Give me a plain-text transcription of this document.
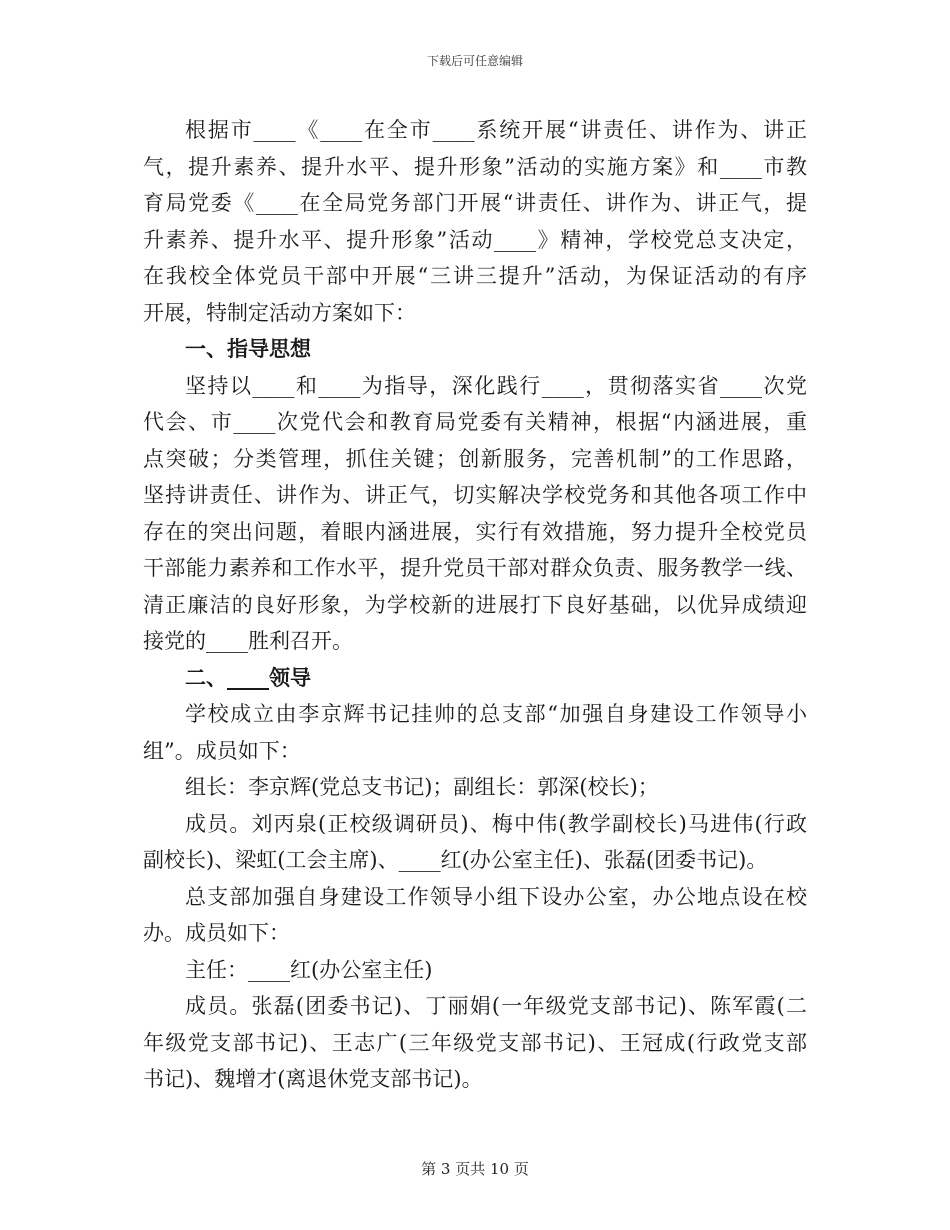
下载后可任意编辑
根据市____《____在全市____系统开展“讲责任、讲作为、讲正
气，提升素养、提升水平、提升形象”活动的实施方案》和____市教
育局党委《____在全局党务部门开展“讲责任、讲作为、讲正气，提
升素养、提升水平、提升形象”活动____》精神，学校党总支决定，
在我校全体党员干部中开展“三讲三提升”活动，为保证活动的有序
开展，特制定活动方案如下：
一、指导思想
坚持以____和____为指导，深化践行____，贯彻落实省____次党
代会、市____次党代会和教育局党委有关精神，根据“内涵进展，重
点突破；分类管理，抓住关键；创新服务，完善机制”的工作思路，
坚持讲责任、讲作为、讲正气，切实解决学校党务和其他各项工作中
存在的突出问题，着眼内涵进展，实行有效措施，努力提升全校党员
干部能力素养和工作水平，提升党员干部对群众负责、服务教学一线、
清正廉洁的良好形象，为学校新的进展打下良好基础，以优异成绩迎
接党的____胜利召开。
二、____领导
学校成立由李京辉书记挂帅的总支部“加强自身建设工作领导小
组”。成员如下：
组长：李京辉(党总支书记)；副组长：郭深(校长)；
成员。刘丙泉(正校级调研员)、梅中伟(教学副校长)马进伟(行政
副校长)、梁虹(工会主席)、____红(办公室主任)、张磊(团委书记)。
总支部加强自身建设工作领导小组下设办公室，办公地点设在校
办。成员如下：
主任：____红(办公室主任)
成员。张磊(团委书记)、丁丽娟(一年级党支部书记)、陈军霞(二
年级党支部书记)、王志广(三年级党支部书记)、王冠成(行政党支部
书记)、魏增才(离退休党支部书记)。
第 3 页共 10 页
